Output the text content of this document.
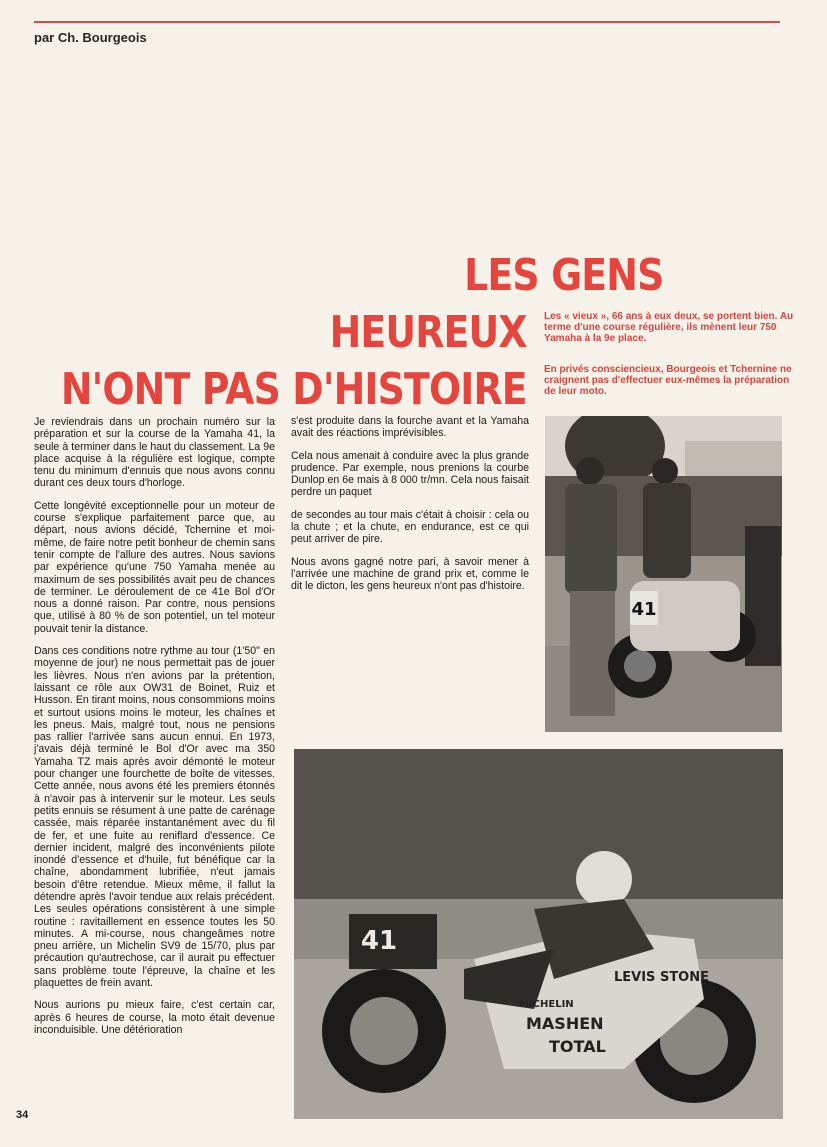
par Ch. Bourgeois
LES GENS
HEUREUX
N'ONT PAS D'HISTOIRE
Les « vieux », 66 ans à eux deux, se portent bien. Au terme d'une course régulière, ils mènent leur 750 Yamaha à la 9e place.
En privés consciencieux, Bourgeois et Tchernine ne craignent pas d'effectuer eux-mêmes la préparation de leur moto.

Je reviendrais dans un prochain numéro sur la préparation et sur la course de la Yamaha 41, la seule à terminer dans le haut du classement. La 9e place acquise à la régulière est logique, compte tenu du minimum d'ennuis que nous avons connu durant ces deux tours d'horloge.

Cette longévité exceptionnelle pour un moteur de course s'explique parfaitement parce que, au départ, nous avions décidé, Tchernine et moi-même, de faire notre petit bonheur de chemin sans tenir compte de l'allure des autres. Nous savions par expérience qu'une 750 Yamaha menée au maximum de ses possibilités avait peu de chances de terminer. Le déroulement de ce 41e Bol d'Or nous a donné raison. Par contre, nous pensions que, utilisé à 80 % de son potentiel, un tel moteur pouvait tenir la distance.

Dans ces conditions notre rythme au tour (1'50" en moyenne de jour) ne nous permettait pas de jouer les lièvres. Nous n'en avions par la prétention, laissant ce rôle aux OW31 de Boinet, Ruiz et Husson. En tirant moins, nous consommions moins et surtout usions moins le moteur, les chaînes et les pneus. Mais, malgré tout, nous ne pensions pas rallier l'arrivée sans aucun ennui. En 1973, j'avais déjà terminé le Bol d'Or avec ma 350 Yamaha TZ mais après avoir démonté le moteur pour changer une fourchette de boîte de vitesses. Cette année, nous avons été les premiers étonnés à n'avoir pas à intervenir sur le moteur. Les seuls petits ennuis se résument à une patte de carénage cassée, mais réparée instantanément avec du fil de fer, et une fuite au reniflard d'essence. Ce dernier incident, malgré des inconvénients pilote inondé d'essence et d'huile, fut bénéfique car la chaîne, abondamment lubrifiée, n'eut jamais besoin d'être retendue. Mieux même, il fallut la détendre après l'avoir tendue aux relais précédent. Les seules opérations consistèrent à une simple routine : ravitaillement en essence toutes les 50 minutes. A mi-course, nous changeâmes notre pneu arrière, un Michelin SV9 de 15/70, plus par précaution qu'autrechose, car il aurait pu effectuer sans problème toute l'épreuve, la chaîne et les plaquettes de frein avant.

Nous aurions pu mieux faire, c'est certain car, après 6 heures de course, la moto était devenue inconduisible. Une détérioration

s'est produite dans la fourche avant et la Yamaha avait des réactions imprévisibles.

Cela nous amenait à conduire avec la plus grande prudence. Par exemple, nous prenions la courbe Dunlop en 6e mais à 8 000 tr/mn. Cela nous faisait perdre un paquet

de secondes au tour mais c'était à choisir : cela ou la chute ; et la chute, en endurance, est ce qui peut arriver de pire.

Nous avons gagné notre pari, à savoir mener à l'arrivée une machine de grand prix et, comme le dit le dicton, les gens heureux n'ont pas d'histoire.

34
41
41
LEVIS STONE
MICHELIN
MASHEN
TOTAL
